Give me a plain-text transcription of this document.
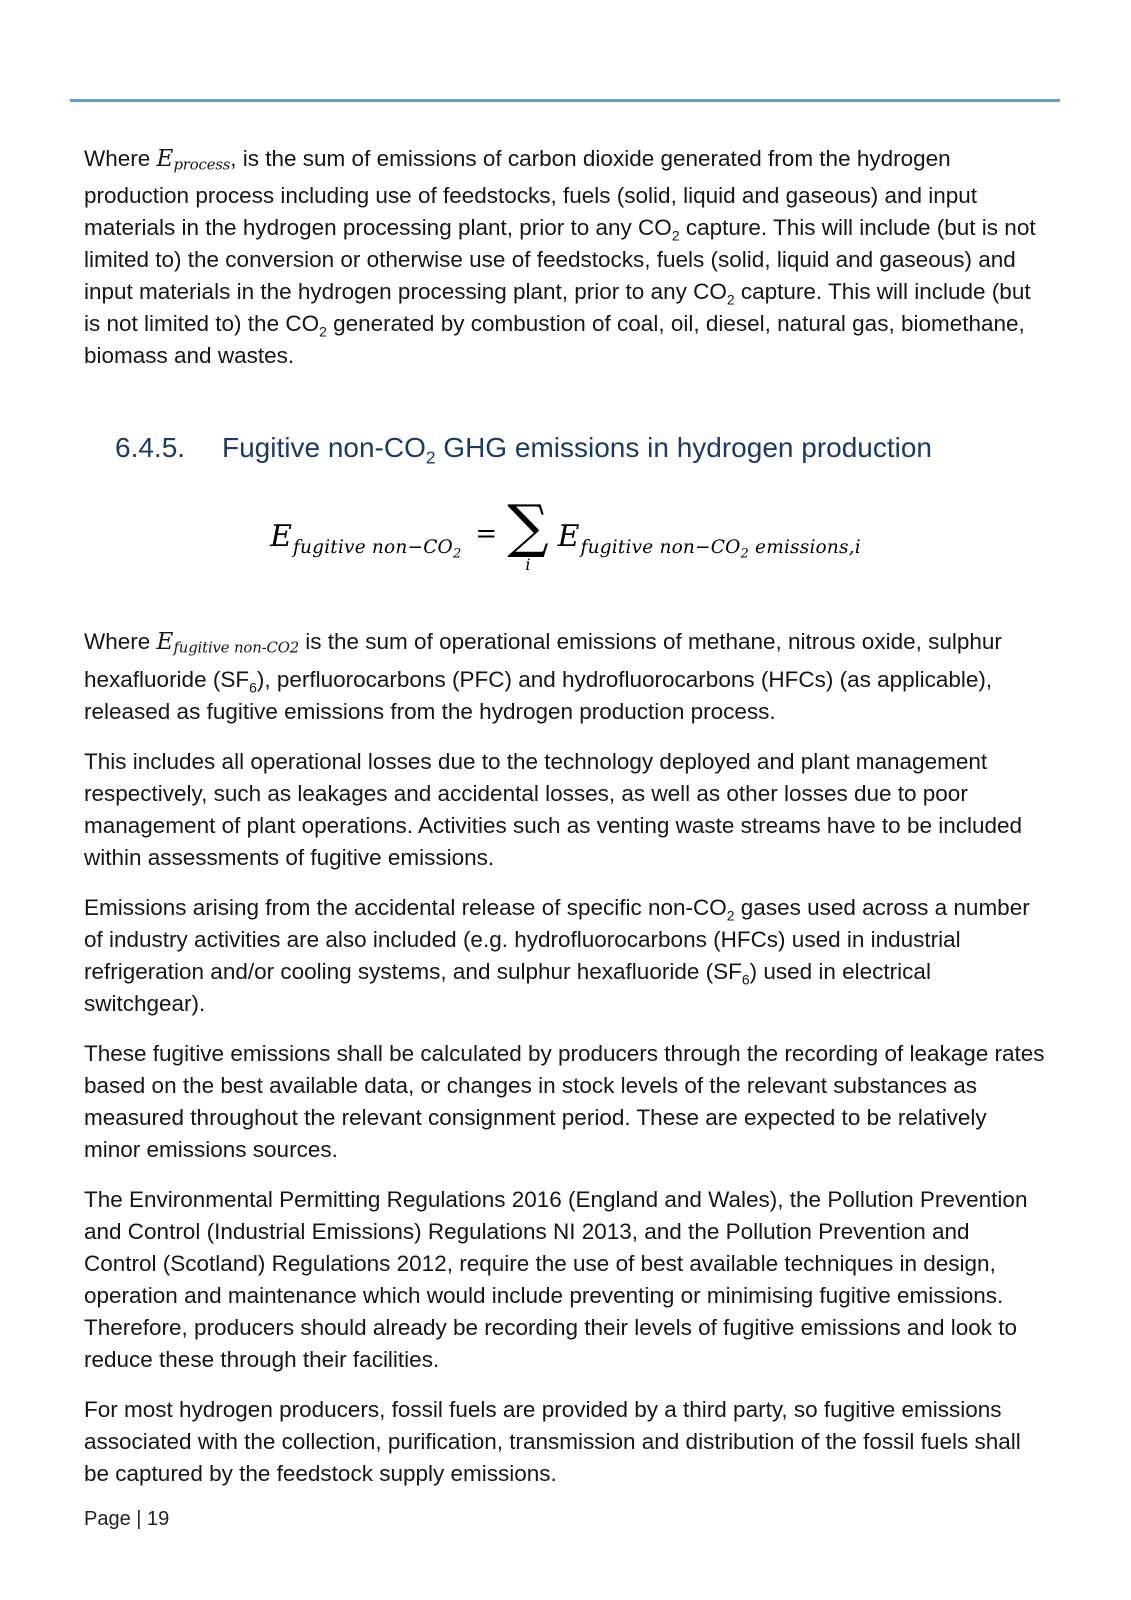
Where Eprocess, is the sum of emissions of carbon dioxide generated from the hydrogen production process including use of feedstocks, fuels (solid, liquid and gaseous) and input materials in the hydrogen processing plant, prior to any $CO_2$ capture. This will include (but is not limited to) the conversion or otherwise use of feedstocks, fuels (solid, liquid and gaseous) and input materials in the hydrogen processing plant, prior to any $CO_2$ capture. This will include (but is not limited to) the $CO_2$ generated by combustion of coal, oil, diesel, natural gas, biomethane, biomass and wastes.

6.4.5.	Fugitive non-$CO_2$ GHG emissions in hydrogen production
Efugitive $non-CO_2$
= ∑
i
Efugitive $non-CO_2$ emissions,i

Where Efugitive non-CO2 is the sum of operational emissions of methane, nitrous oxide, sulphur hexafluoride $(SF_6)$, perfluorocarbons (PFC) and hydrofluorocarbons (HFCs) (as applicable), released as fugitive emissions from the hydrogen production process.

This includes all operational losses due to the technology deployed and plant management respectively, such as leakages and accidental losses, as well as other losses due to poor management of plant operations. Activities such as venting waste streams have to be included within assessments of fugitive emissions.

Emissions arising from the accidental release of specific non-$CO_2$ gases used across a number of industry activities are also included (e.g. hydrofluorocarbons (HFCs) used in industrial refrigeration and/or cooling systems, and sulphur hexafluoride $(SF_6)$ used in electrical switchgear).

These fugitive emissions shall be calculated by producers through the recording of leakage rates based on the best available data, or changes in stock levels of the relevant substances as measured throughout the relevant consignment period. These are expected to be relatively minor emissions sources.

The Environmental Permitting Regulations 2016 (England and Wales), the Pollution Prevention and Control (Industrial Emissions) Regulations NI 2013, and the Pollution Prevention and Control (Scotland) Regulations 2012, require the use of best available techniques in design, operation and maintenance which would include preventing or minimising fugitive emissions. Therefore, producers should already be recording their levels of fugitive emissions and look to reduce these through their facilities.

For most hydrogen producers, fossil fuels are provided by a third party, so fugitive emissions associated with the collection, purification, transmission and distribution of the fossil fuels shall be captured by the feedstock supply emissions.

Page | 19
